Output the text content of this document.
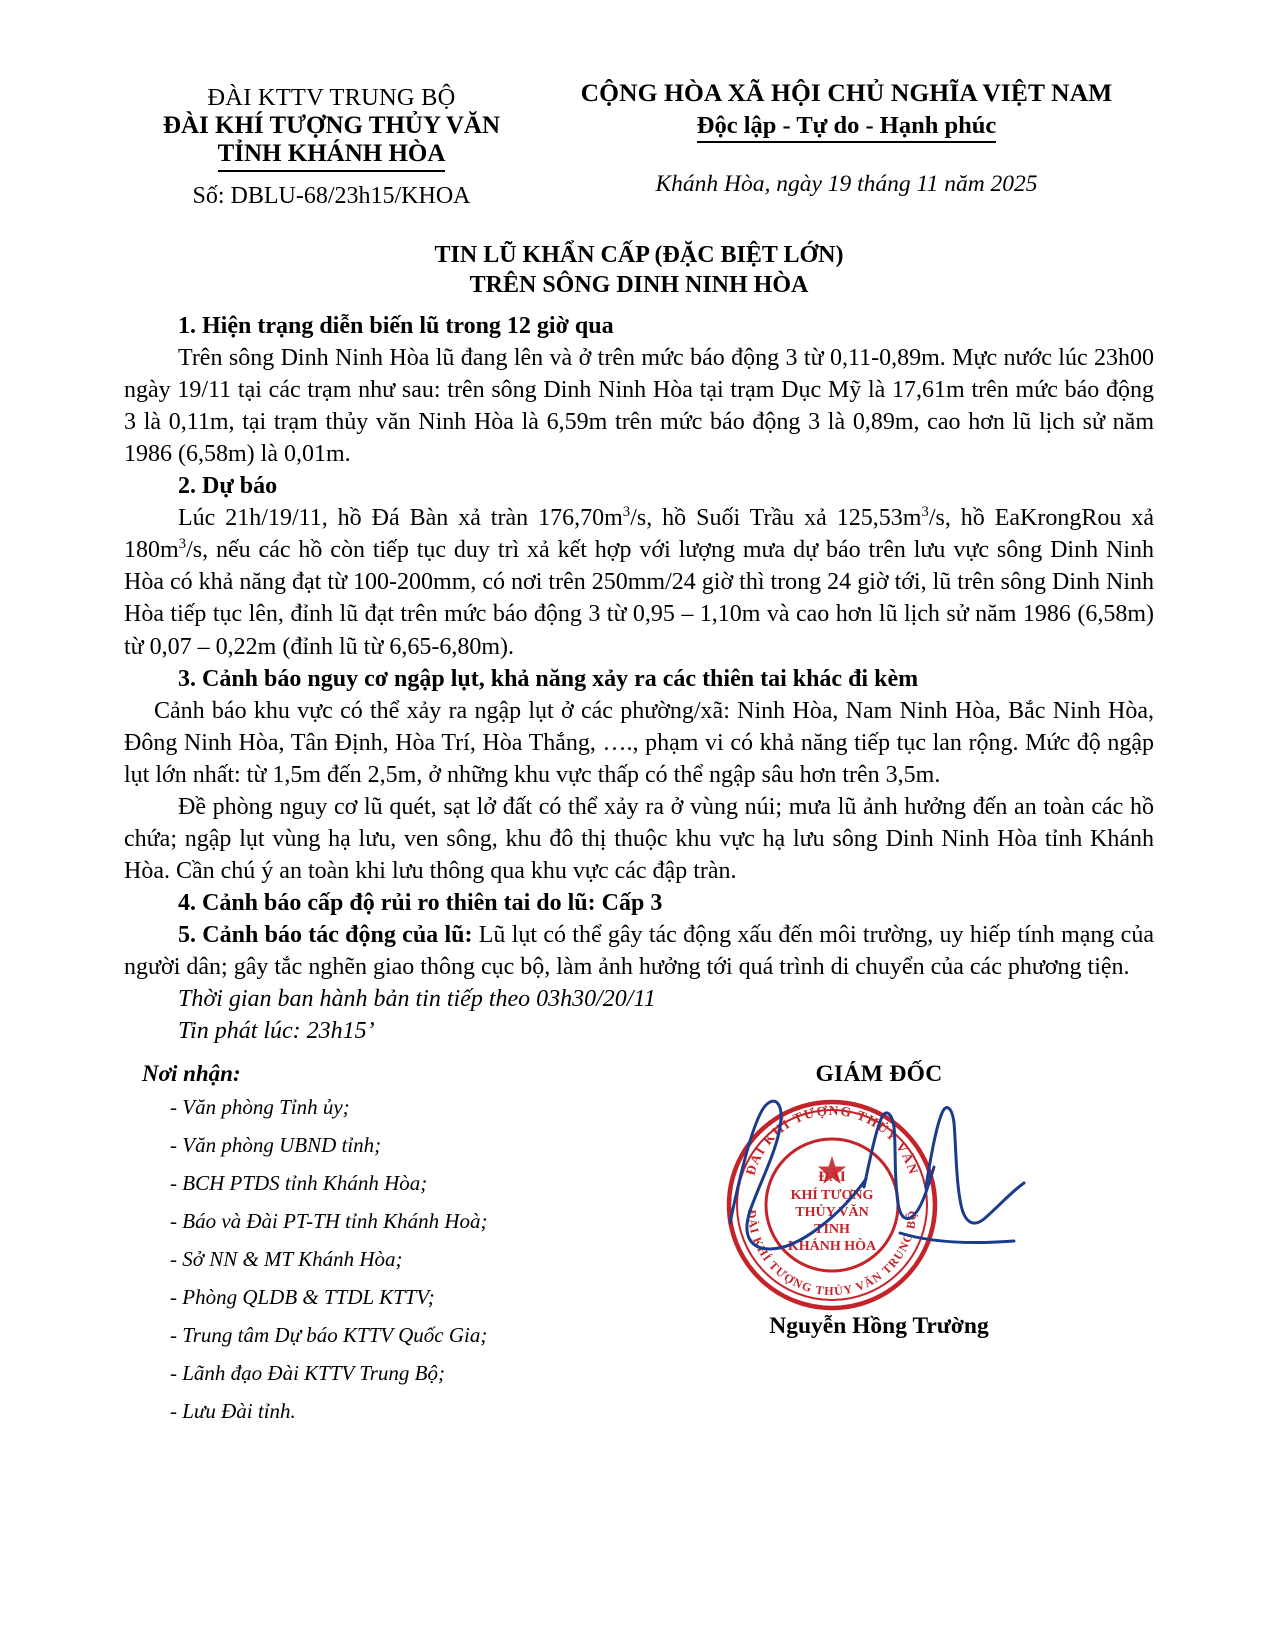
ĐÀI KTTV TRUNG BỘ
ĐÀI KHÍ TƯỢNG THỦY VĂN
TỈNH KHÁNH HÒA
Số: DBLU-68/23h15/KHOA
CỘNG HÒA XÃ HỘI CHỦ NGHĨA VIỆT NAM
Độc lập - Tự do - Hạnh phúc
Khánh Hòa, ngày 19 tháng 11 năm 2025
TIN LŨ KHẨN CẤP (ĐẶC BIỆT LỚN)
TRÊN SÔNG DINH NINH HÒA

1. Hiện trạng diễn biến lũ trong 12 giờ qua

Trên sông Dinh Ninh Hòa lũ đang lên và ở trên mức báo động 3 từ 0,11-0,89m. Mực nước lúc 23h00 ngày 19/11 tại các trạm như sau: trên sông Dinh Ninh Hòa tại trạm Dục Mỹ là 17,61m trên mức báo động 3 là 0,11m, tại trạm thủy văn Ninh Hòa là 6,59m trên mức báo động 3 là 0,89m, cao hơn lũ lịch sử năm 1986 (6,58m) là 0,01m.

2. Dự báo

Lúc 21h/19/11, hồ Đá Bàn xả tràn $176,70m^3/s$, hồ Suối Trầu xả $125,53m^3/s$, hồ EaKrongRou xả $180m^3/s$, nếu các hồ còn tiếp tục duy trì xả kết hợp với lượng mưa dự báo trên lưu vực sông Dinh Ninh Hòa có khả năng đạt từ 100-200mm, có nơi trên 250mm/24 giờ thì trong 24 giờ tới, lũ trên sông Dinh Ninh Hòa tiếp tục lên, đỉnh lũ đạt trên mức báo động 3 từ 0,95 – 1,10m và cao hơn lũ lịch sử năm 1986 (6,58m) từ 0,07 – 0,22m (đỉnh lũ từ 6,65-6,80m).

3. Cảnh báo nguy cơ ngập lụt, khả năng xảy ra các thiên tai khác đi kèm

Cảnh báo khu vực có thể xảy ra ngập lụt ở các phường/xã: Ninh Hòa, Nam Ninh Hòa, Bắc Ninh Hòa, Đông Ninh Hòa, Tân Định, Hòa Trí, Hòa Thắng, …., phạm vi có khả năng tiếp tục lan rộng. Mức độ ngập lụt lớn nhất: từ 1,5m đến 2,5m, ở những khu vực thấp có thể ngập sâu hơn trên 3,5m.

Đề phòng nguy cơ lũ quét, sạt lở đất có thể xảy ra ở vùng núi; mưa lũ ảnh hưởng đến an toàn các hồ chứa; ngập lụt vùng hạ lưu, ven sông, khu đô thị thuộc khu vực hạ lưu sông Dinh Ninh Hòa tỉnh Khánh Hòa. Cần chú ý an toàn khi lưu thông qua khu vực các đập tràn.

4. Cảnh báo cấp độ rủi ro thiên tai do lũ: Cấp 3

5. Cảnh báo tác động của lũ: Lũ lụt có thể gây tác động xấu đến môi trường, uy hiếp tính mạng của người dân; gây tắc nghẽn giao thông cục bộ, làm ảnh hưởng tới quá trình di chuyển của các phương tiện.

Thời gian ban hành bản tin tiếp theo 03h30/20/11

Tin phát lúc: 23h15’

Nơi nhận:
- Văn phòng Tỉnh ủy;
- Văn phòng UBND tỉnh;
- BCH PTDS tỉnh Khánh Hòa;
- Báo và Đài PT-TH tỉnh Khánh Hoà;
- Sở NN & MT Khánh Hòa;
- Phòng QLDB & TTDL KTTV;
- Trung tâm Dự báo KTTV Quốc Gia;
- Lãnh đạo Đài KTTV Trung Bộ;
- Lưu Đài tỉnh.
GIÁM ĐỐC
ĐÀI KHÍ TƯỢNG THỦY VĂN
ĐÀI KHÍ TƯỢNG THỦY VĂN TRUNG BỘ
ĐÀI
KHÍ TƯỢNG
THỦY VĂN
TỈNH
KHÁNH HÒA
Nguyễn Hồng Trường
